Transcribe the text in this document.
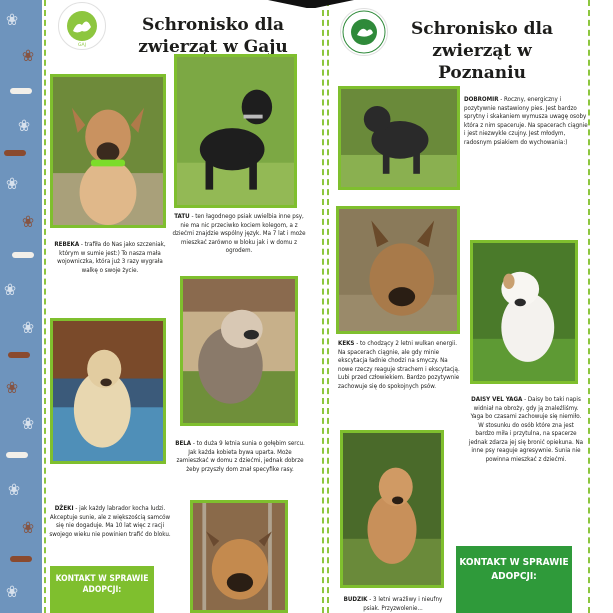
❀
❀
❀
❀
❀
❀
❀
❀
❀
❀
❀
❀
GAJ
Schronisko dla zwierząt w Gaju
REBEKA - trafiła do Nas jako szczeniak, którym w sumie jest:) To nasza mała wojowniczka, która już 3 razy wygrała walkę o swoje życie.
TATU - ten łagodnego psiak uwielbia inne psy, nie ma nic przeciwko kociem kolegom, a z dziećmi znajdzie wspólny język. Ma 7 lat i może mieszkać zarówno w bloku jak i w domu z ogrodem.
DŻEKI - jak każdy labrador kocha ludzi. Akceptuje sunie, ale z większością samców się nie dogaduje. Ma 10 lat więc z racji swojego wieku nie powinien trafić do bloku.
BELA - to duża 9 letnia sunia o gołębim sercu. Jak każda kobieta bywa uparta. Może zamieszkać w domu z dziećmi, jednak dobrze żeby przyszły dom znał specyfike rasy.
KONTAKT W SPRAWIE ADOPCJI:
Schronisko dla zwierząt w Poznaniu
DOBROMIR - Roczny, energiczny i pozytywnie nastawiony pies. Jest bardzo sprytny i skakaniem wymusza uwagę osoby która z nim spaceruje. Na spacerach ciągnie i jest niezwykle czujny. Jest młodym, radosnym psiakiem do wychowania:)
KEKS - to chodzący 2 letni wulkan energii. Na spacerach ciągnie, ale gdy minie ekscytacja ładnie chodzi na smyczy. Na nowe rzeczy reaguje strachem i ekscytacją. Lubi przed człowiekiem. Bardzo pozytywnie zachowuje się do spokojnych psów.
DAISY VEL YAGA - Daisy bo taki napis widniał na obroży, gdy ją znaleźliśmy. Yaga bo czasami zachowuje się niemiło. W stosunku do osób które zna jest bardzo miła i przytulna, na spacerze jednak zdarza jej się bronić opiekuna. Na inne psy reaguje agresywnie. Sunia nie powinna mieszkać z dziećmi.
BUDZIK - 3 letni wrażliwy i nieufny psiak. Przyzwolenie...
KONTAKT W SPRAWIE ADOPCJI:
